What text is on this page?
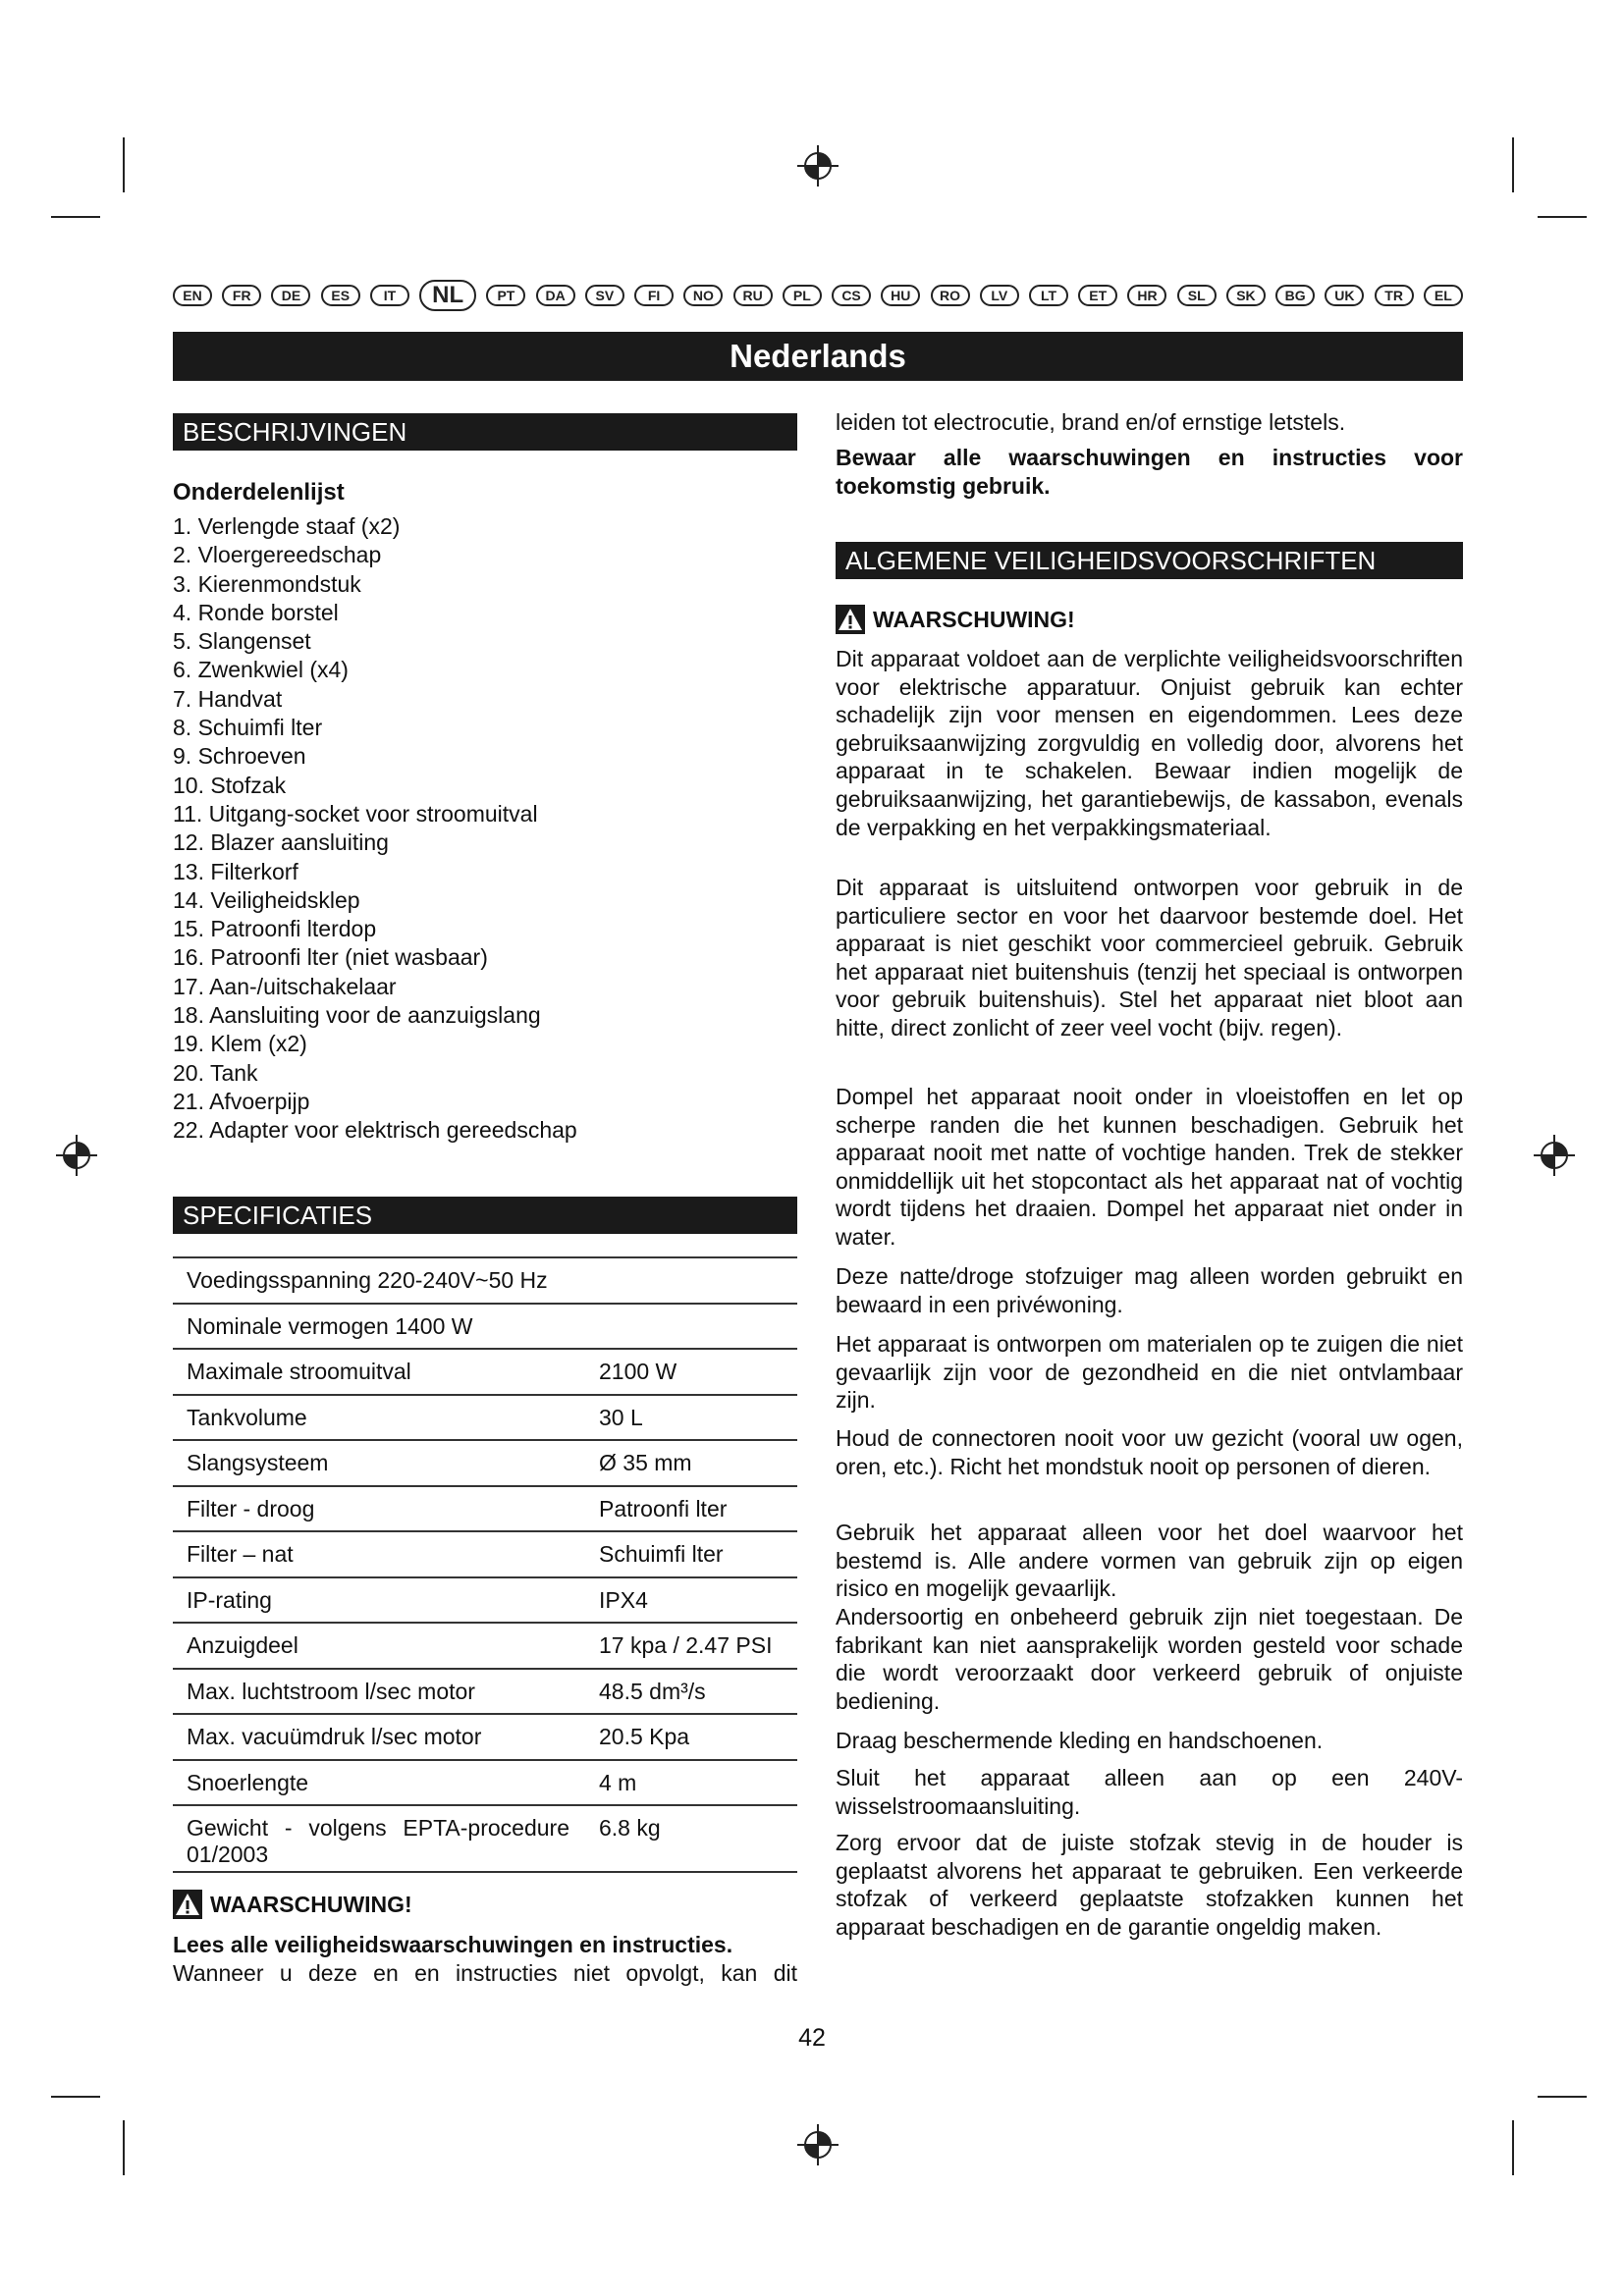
EN	FR	DE	ES	IT	NL	PT	DA	SV	FI	NO	RU	PL	CS	HU	RO	LV	LT	ET	HR	SL	SK	BG	UK	TR	EL
Nederlands
BESCHRIJVINGEN
Onderdelenlijst
1. Verlengde staaf (x2)
2. Vloergereedschap
3. Kierenmondstuk
4. Ronde borstel
5. Slangenset
6. Zwenkwiel (x4)
7. Handvat
8. Schuimfi lter
9. Schroeven
10. Stofzak
11. Uitgang-socket voor stroomuitval
12. Blazer aansluiting
13. Filterkorf
14. Veiligheidsklep
15. Patroonfi lterdop
16. Patroonfi lter (niet wasbaar)
17. Aan-/uitschakelaar
18. Aansluiting voor de aanzuigslang
19. Klem (x2)
20. Tank
21. Afvoerpijp
22. Adapter voor elektrisch gereedschap
SPECIFICATIES
Voedingsspanning 220-240V~50 Hz	
Nominale vermogen 1400 W	
Maximale stroomuitval	2100 W
Tankvolume	30 L
Slangsysteem	Ø 35 mm
Filter - droog	Patroonfi lter
Filter – nat	Schuimfi lter
IP-rating	IPX4
Anzuigdeel	17 kpa / 2.47 PSI
Max. luchtstroom l/sec motor	48.5 dm³/s
Max. vacuümdruk l/sec motor	20.5 Kpa
Snoerlengte	4 m
Gewicht - volgens EPTA-procedure 01/2003	6.8 kg
WAARSCHUWING!

Lees alle veiligheidswaarschuwingen en instructies.

Wanneer u deze en en instructies niet opvolgt, kan dit

leiden tot electrocutie, brand en/of ernstige letstels.

Bewaar alle waarschuwingen en instructies voor toekomstig gebruik.

ALGEMENE VEILIGHEIDSVOORSCHRIFTEN
WAARSCHUWING!

Dit apparaat voldoet aan de verplichte veiligheidsvoorschriften voor elektrische apparatuur. Onjuist gebruik kan echter schadelijk zijn voor mensen en eigendommen. Lees deze gebruiksaanwijzing zorgvuldig en volledig door, alvorens het apparaat in te schakelen. Bewaar indien mogelijk de gebruiksaanwijzing, het garantiebewijs, de kassabon, evenals de verpakking en het verpakkingsmateriaal.

Dit apparaat is uitsluitend ontworpen voor gebruik in de particuliere sector en voor het daarvoor bestemde doel. Het apparaat is niet geschikt voor commercieel gebruik. Gebruik het apparaat niet buitenshuis (tenzij het speciaal is ontworpen voor gebruik buitenshuis). Stel het apparaat niet bloot aan hitte, direct zonlicht of zeer veel vocht (bijv. regen).

Dompel het apparaat nooit onder in vloeistoffen en let op scherpe randen die het kunnen beschadigen. Gebruik het apparaat nooit met natte of vochtige handen. Trek de stekker onmiddellijk uit het stopcontact als het apparaat nat of vochtig wordt tijdens het draaien. Dompel het apparaat niet onder in water.

Deze natte/droge stofzuiger mag alleen worden gebruikt en bewaard in een privéwoning.

Het apparaat is ontworpen om materialen op te zuigen die niet gevaarlijk zijn voor de gezondheid en die niet ontvlambaar zijn.

Houd de connectoren nooit voor uw gezicht (vooral uw ogen, oren, etc.). Richt het mondstuk nooit op personen of dieren.

Gebruik het apparaat alleen voor het doel waarvoor het bestemd is. Alle andere vormen van gebruik zijn op eigen risico en mogelijk gevaarlijk.

Andersoortig en onbeheerd gebruik zijn niet toegestaan. De fabrikant kan niet aansprakelijk worden gesteld voor schade die wordt veroorzaakt door verkeerd gebruik of onjuiste bediening.

Draag beschermende kleding en handschoenen.

Sluit het apparaat alleen aan op een 240V-wisselstroomaansluiting.

Zorg ervoor dat de juiste stofzak stevig in de houder is geplaatst alvorens het apparaat te gebruiken. Een verkeerde stofzak of verkeerd geplaatste stofzakken kunnen het apparaat beschadigen en de garantie ongeldig maken.

42
